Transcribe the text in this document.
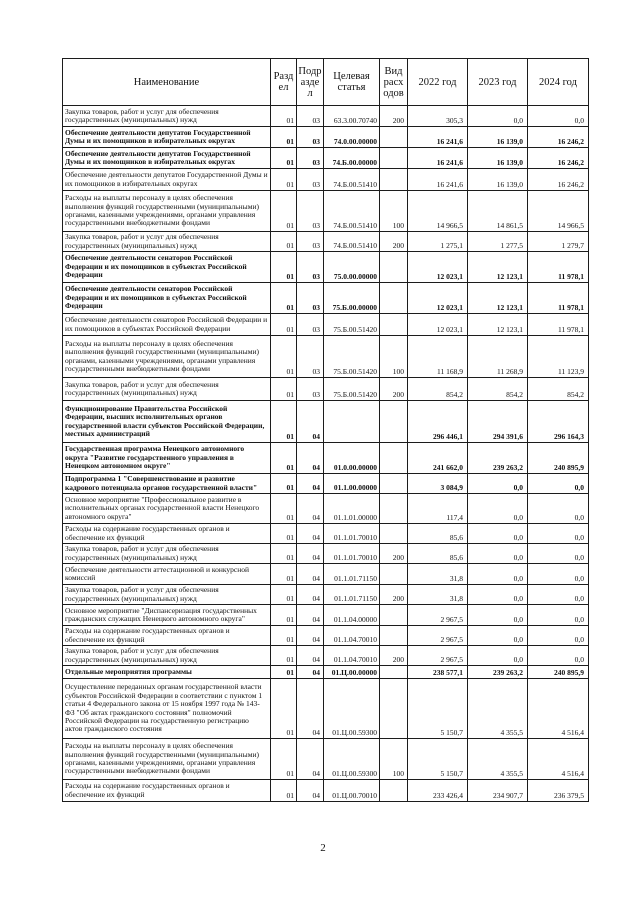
Наименование	Раздел	Подраздел	Целевая статья	Вид расходов	2022 год	2023 год	2024 год

Закупка товаров, работ и услуг для обеспечения государственных (муниципальных) нужд	01	03	63.3.00.70740	200	305,3	0,0	0,0
Обеспечение деятельности депутатов Государственной Думы и их помощников в избирательных округах	01	03	74.0.00.00000		16 241,6	16 139,0	16 246,2
Обеспечение деятельности депутатов Государственной Думы и их помощников в избирательных округах	01	03	74.Б.00.00000		16 241,6	16 139,0	16 246,2
Обеспечение деятельности депутатов Государственной Думы и их помощников в избирательных округах	01	03	74.Б.00.51410		16 241,6	16 139,0	16 246,2
Расходы на выплаты персоналу в целях обеспечения выполнения функций государственными (муниципальными) органами, казенными учреждениями, органами управления государственными внебюджетными фондами	01	03	74.Б.00.51410	100	14 966,5	14 861,5	14 966,5
Закупка товаров, работ и услуг для обеспечения государственных (муниципальных) нужд	01	03	74.Б.00.51410	200	1 275,1	1 277,5	1 279,7
Обеспечение деятельности сенаторов Российской Федерации и их помощников в субъектах Российской Федерации	01	03	75.0.00.00000		12 023,1	12 123,1	11 978,1
Обеспечение деятельности сенаторов Российской Федерации и их помощников в субъектах Российской Федерации	01	03	75.Б.00.00000		12 023,1	12 123,1	11 978,1
Обеспечение деятельности сенаторов Российской Федерации и их помощников в субъектах Российской Федерации	01	03	75.Б.00.51420		12 023,1	12 123,1	11 978,1
Расходы на выплаты персоналу в целях обеспечения выполнения функций государственными (муниципальными) органами, казенными учреждениями, органами управления государственными внебюджетными фондами	01	03	75.Б.00.51420	100	11 168,9	11 268,9	11 123,9
Закупка товаров, работ и услуг для обеспечения государственных (муниципальных) нужд	01	03	75.Б.00.51420	200	854,2	854,2	854,2
Функционирование Правительства Российской Федерации, высших исполнительных органов государственной власти субъектов Российской Федерации, местных администраций	01	04			296 446,1	294 391,6	296 164,3
Государственная программа Ненецкого автономного округа "Развитие государственного управления в Ненецком автономном округе"	01	04	01.0.00.00000		241 662,0	239 263,2	240 895,9
Подпрограмма 1 "Совершенствование и развитие кадрового потенциала органов государственной власти"	01	04	01.1.00.00000		3 084,9	0,0	0,0
Основное мероприятие "Профессиональное развитие в исполнительных органах государственной власти Ненецкого автономного округа"	01	04	01.1.01.00000		117,4	0,0	0,0
Расходы на содержание государственных органов и обеспечение их функций	01	04	01.1.01.70010		85,6	0,0	0,0
Закупка товаров, работ и услуг для обеспечения государственных (муниципальных) нужд	01	04	01.1.01.70010	200	85,6	0,0	0,0
Обеспечение деятельности аттестационной и конкурсной комиссий	01	04	01.1.01.71150		31,8	0,0	0,0
Закупка товаров, работ и услуг для обеспечения государственных (муниципальных) нужд	01	04	01.1.01.71150	200	31,8	0,0	0,0
Основное мероприятие "Диспансеризация государственных гражданских служащих Ненецкого автономного округа"	01	04	01.1.04.00000		2 967,5	0,0	0,0
Расходы на содержание государственных органов и обеспечение их функций	01	04	01.1.04.70010		2 967,5	0,0	0,0
Закупка товаров, работ и услуг для обеспечения государственных (муниципальных) нужд	01	04	01.1.04.70010	200	2 967,5	0,0	0,0
Отдельные мероприятия программы	01	04	01.Ц.00.00000		238 577,1	239 263,2	240 895,9
Осуществление переданных органам государственной власти субъектов Российской Федерации в соответствии с пунктом 1 статьи 4 Федерального закона от 15 ноября 1997 года № 143-ФЗ "Об актах гражданского состояния" полномочий Российской Федерации на государственную регистрацию актов гражданского состояния	01	04	01.Ц.00.59300		5 150,7	4 355,5	4 516,4
Расходы на выплаты персоналу в целях обеспечения выполнения функций государственными (муниципальными) органами, казенными учреждениями, органами управления государственными внебюджетными фондами	01	04	01.Ц.00.59300	100	5 150,7	4 355,5	4 516,4
Расходы на содержание государственных органов и обеспечение их функций	01	04	01.Ц.00.70010		233 426,4	234 907,7	236 379,5
2
